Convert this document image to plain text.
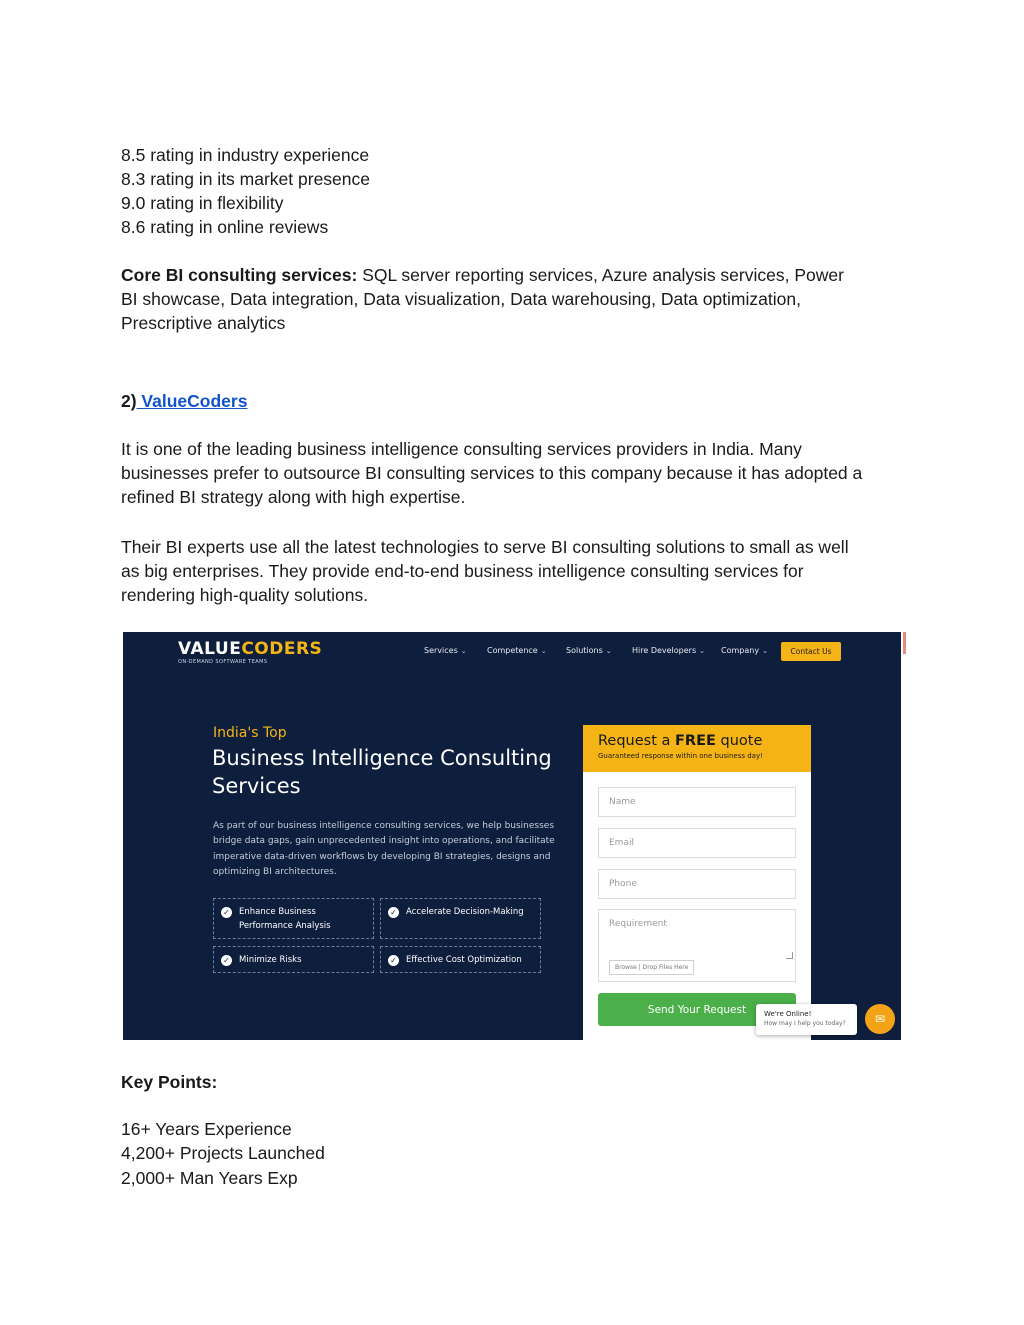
8.5 rating in industry experience
8.3 rating in its market presence
9.0 rating in flexibility
8.6 rating in online reviews
Core BI consulting services: SQL server reporting services, Azure analysis services, Power
BI showcase, Data integration, Data visualization, Data warehousing, Data optimization,
Prescriptive analytics
2) ValueCoders
It is one of the leading business intelligence consulting services providers in India. Many
businesses prefer to outsource BI consulting services to this company because it has adopted a
refined BI strategy along with high expertise.
Their BI experts use all the latest technologies to serve BI consulting solutions to small as well
as big enterprises. They provide end-to-end business intelligence consulting services for
rendering high-quality solutions.
VALUECODERS
ON-DEMAND SOFTWARE TEAMS
Services ⌄	Competence ⌄ Solutions ⌄	Hire Developers ⌄ Company ⌄	Contact Us
India's Top
Business Intelligence Consulting
Services
As part of our business intelligence consulting services, we help businesses bridge data gaps, gain unprecedented insight into operations, and facilitate imperative data-driven workflows by developing BI strategies, designs and optimizing BI architectures.
✓ Enhance Business
Performance Analysis
✓ Accelerate Decision-Making
✓ Minimize Risks	✓ Effective Cost Optimization
Request a FREE quote
Guaranteed response within one business day!
Name
Email
Phone
Requirement
Browse | Drop Files Here
Send Your Request	We're Online!
How may I help you today?	✉
Key Points:
16+ Years Experience
4,200+ Projects Launched
2,000+ Man Years Exp
